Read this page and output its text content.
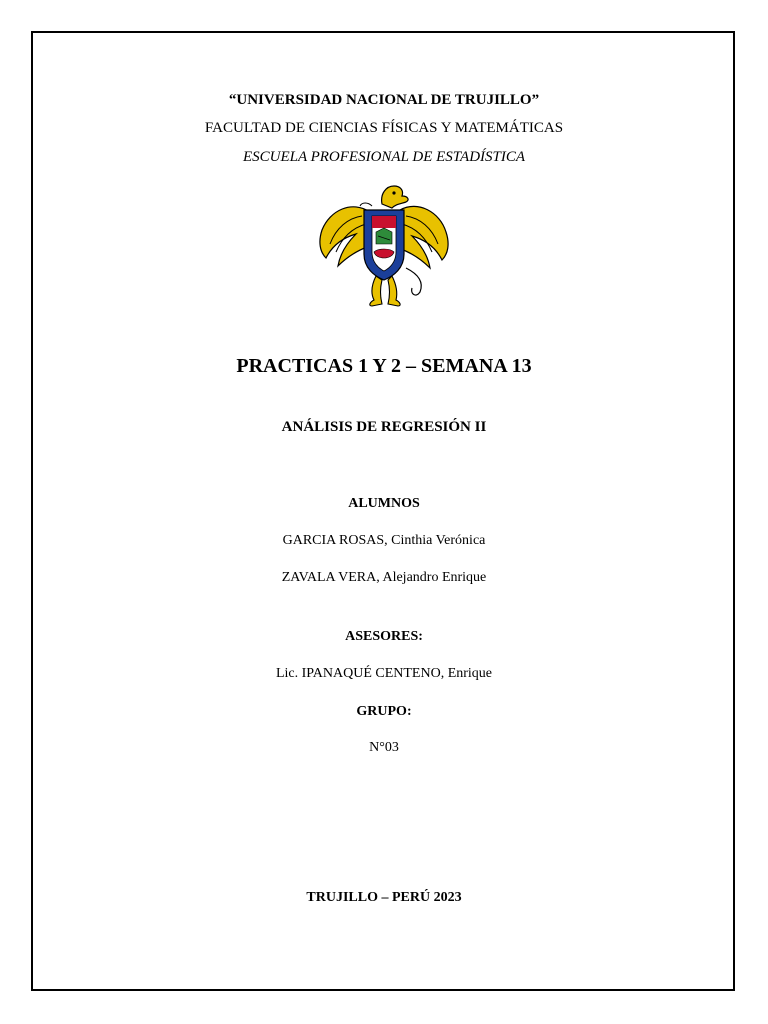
“UNIVERSIDAD NACIONAL DE TRUJILLO”
FACULTAD DE CIENCIAS FÍSICAS Y MATEMÁTICAS
ESCUELA PROFESIONAL DE ESTADÍSTICA
PRACTICAS 1 Y 2 – SEMANA 13
ANÁLISIS DE REGRESIÓN II
ALUMNOS
GARCIA ROSAS, Cinthia Verónica
ZAVALA VERA, Alejandro Enrique
ASESORES:
Lic. IPANAQUÉ CENTENO, Enrique
GRUPO:
N°03
TRUJILLO – PERÚ 2023
